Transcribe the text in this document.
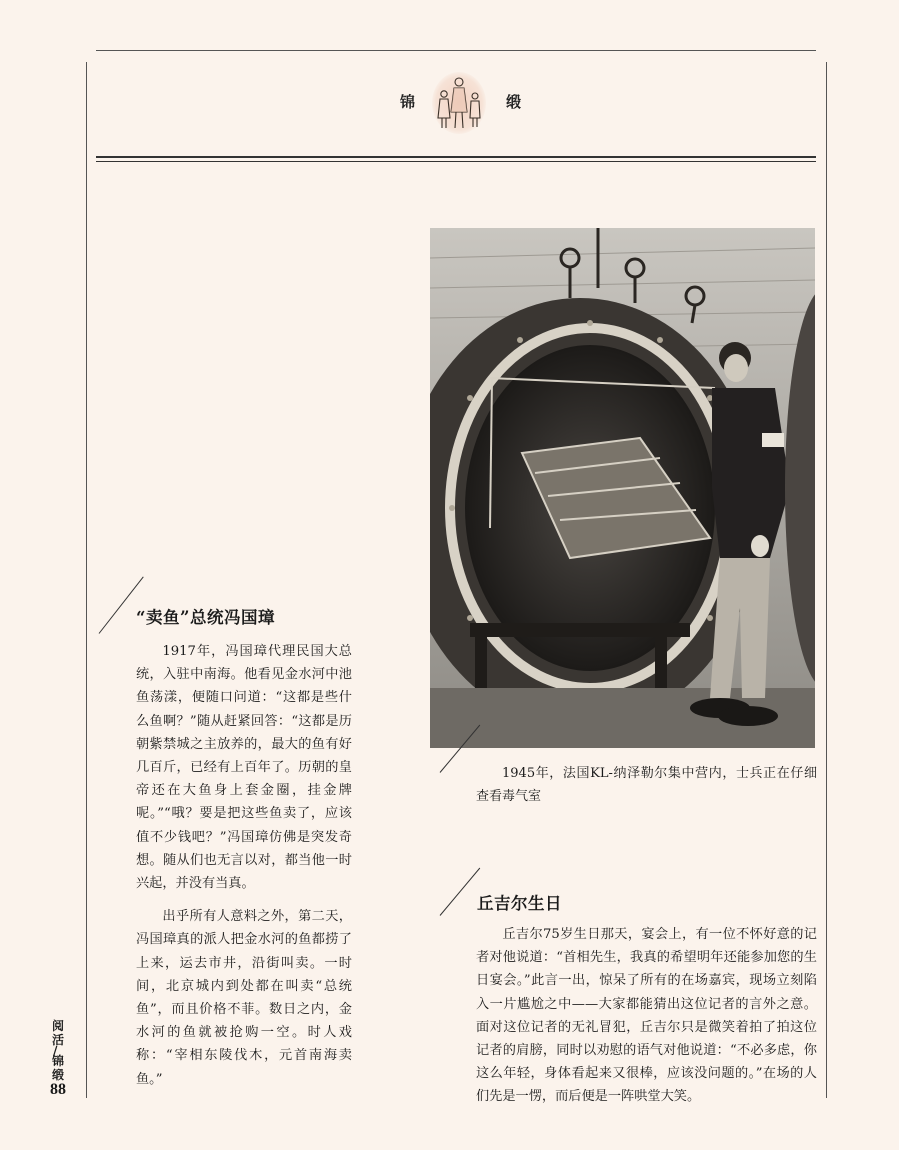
锦	缎

1945年，法国KL-纳泽勒尔集中营内，士兵正在仔细查看毒气室

“卖鱼”总统冯国璋

1917年，冯国璋代理民国大总统，入驻中南海。他看见金水河中池鱼荡漾，便随口问道：“这都是些什么鱼啊？”随从赶紧回答：“这都是历朝紫禁城之主放养的，最大的鱼有好几百斤，已经有上百年了。历朝的皇帝还在大鱼身上套金圈，挂金牌呢。”“哦？要是把这些鱼卖了，应该值不少钱吧？”冯国璋仿佛是突发奇想。随从们也无言以对，都当他一时兴起，并没有当真。

出乎所有人意料之外，第二天，冯国璋真的派人把金水河的鱼都捞了上来，运去市井，沿街叫卖。一时间，北京城内到处都在叫卖“总统鱼”，而且价格不菲。数日之内，金水河的鱼就被抢购一空。时人戏称：“宰相东陵伐木，元首南海卖鱼。”

丘吉尔生日

丘吉尔75岁生日那天，宴会上，有一位不怀好意的记者对他说道：“首相先生，我真的希望明年还能参加您的生日宴会。”此言一出，惊呆了所有的在场嘉宾，现场立刻陷入一片尴尬之中——大家都能猜出这位记者的言外之意。面对这位记者的无礼冒犯，丘吉尔只是微笑着拍了拍这位记者的肩膀，同时以劝慰的语气对他说道：“不必多虑，你这么年轻，身体看起来又很棒，应该没问题的。”在场的人们先是一愣，而后便是一阵哄堂大笑。

阅活
/
锦缎
88
